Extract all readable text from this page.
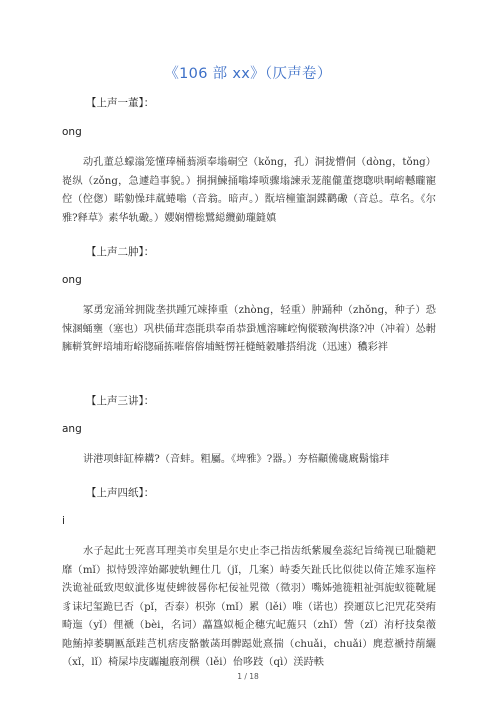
《106 部 xx》（仄声卷）
【上声一董】：
ong
动孔董总蠓滃笼懂琫桶蓊澒奉塕硐空（kǒng，孔）洞拢懵侗（dòng，tǒng）嵸纵（zǒng，急遽趋事貌。）挏挏鰊捅嗡埲唝骤塕諫汞茏龍儱董揔聦哄晍嵱轗矓寵倥（倥偬）睰勨懆玤蓏蜷嗡（音翁。暗声。）翫培橦箽詷鍱鹳礮（音总。草名。《尔雅?释草》素华轨礮。）孆娴懵棇鷺縂纜勭瓏鏠嫃
【上声二肿】：
ong
冢勇宠涌耸拥陇垄拱踵冗竦捧重（zhòng，轻重）肿踊种（zhǒng，种子）恐悚溷蛹壅（塞也）巩栱俑茸悫毷珙奉甬恭蛩尰溶噰崆恟傱皲洶栱涤?冲（冲着）怂軵臃軿箕鲆堷埔珩峪牎硧拣嗺傛傛埔鲢愣衽槰鲢豰雕搭绢泷（迅速）穠彩袢
【上声三讲】：
ang
讲港项蚌缸棒耩?（音蚌。粗屬。《埤雅》?器。）夯棓顢儯硥廐鬍慃玤
【上声四纸】：
i
水子起此士死喜耳理美市矣里是尔史止李己指齿纸紫履垒蕊纪旨绮视已耻髓耙靡（mǐ）拟恃毁滓始鄙驶轨鲤仕几（jǐ，几案）峙委矢趾氏比似徙以倚芷雉豕迤梓泆诡祉砥致咫蚁泚侈嵬使蜱彼晷你杞佞祉兕徵（徵羽）嘴姊弛簁粗祉弭旎蚁簁靴屣豸诔圮玺跪巳否（pǐ，否泰）枳弥（mǐ）累（lěi）唯（诺也）揆逦苡匕汜咒花癸痏畸迤（yǐ）俚褫（bèi，名词）藟簋姒栀企穗宄屺葹只（zhǐ）訾（zǐ）洧杍技枲藢阤鮪掉萎騆匭舐跬芑机痞庋骼骳菡珥髀跽妣熹揣（chuǎi，chuǎi）麂惹褫持萷纚（xǐ，lǐ）椅屎垰庋疈巃庪剤穓（lěi）佁哆跂（qì）渼跱軼
1 / 18
